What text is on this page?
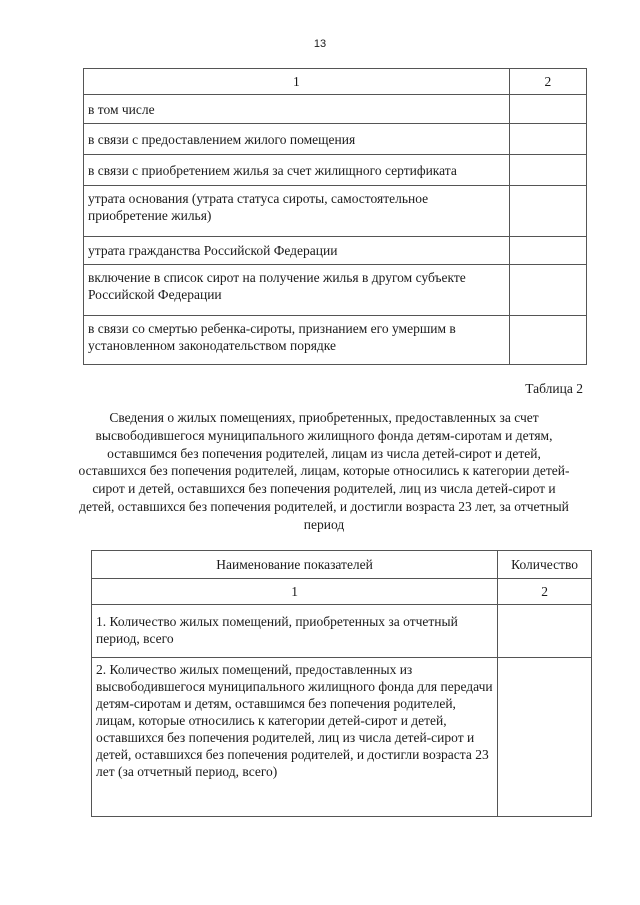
13
1	2
в том числе	
в связи с предоставлением жилого помещения	
в связи с приобретением жилья за счет жилищного сертификата	
утрата основания (утрата статуса сироты, самостоятельное приобретение жилья)	
утрата гражданства Российской Федерации	
включение в список сирот на получение жилья в другом субъекте Российской Федерации	
в связи со смертью ребенка-сироты, признанием его умершим в установленном законодательством порядке	
Таблица 2

Сведения о жилых помещениях, приобретенных, предоставленных за счет высвободившегося муниципального жилищного фонда детям-сиротам и детям, оставшимся без попечения родителей, лицам из числа детей-сирот и детей, оставшихся без попечения родителей, лицам, которые относились к категории детей-сирот и детей, оставшихся без попечения родителей, лиц из числа детей-сирот и детей, оставшихся без попечения родителей, и достигли возраста 23 лет, за отчетный период

Наименование показателей	Количество
1	2
1. Количество жилых помещений, приобретенных за отчетный период, всего	
2. Количество жилых помещений, предоставленных из высвободившегося муниципального жилищного фонда для передачи детям-сиротам и детям, оставшимся без попечения родителей, лицам, которые относились к категории детей-сирот и детей, оставшихся без попечения родителей, лиц из числа детей-сирот и детей, оставшихся без попечения родителей, и достигли возраста 23 лет (за отчетный период, всего)	
